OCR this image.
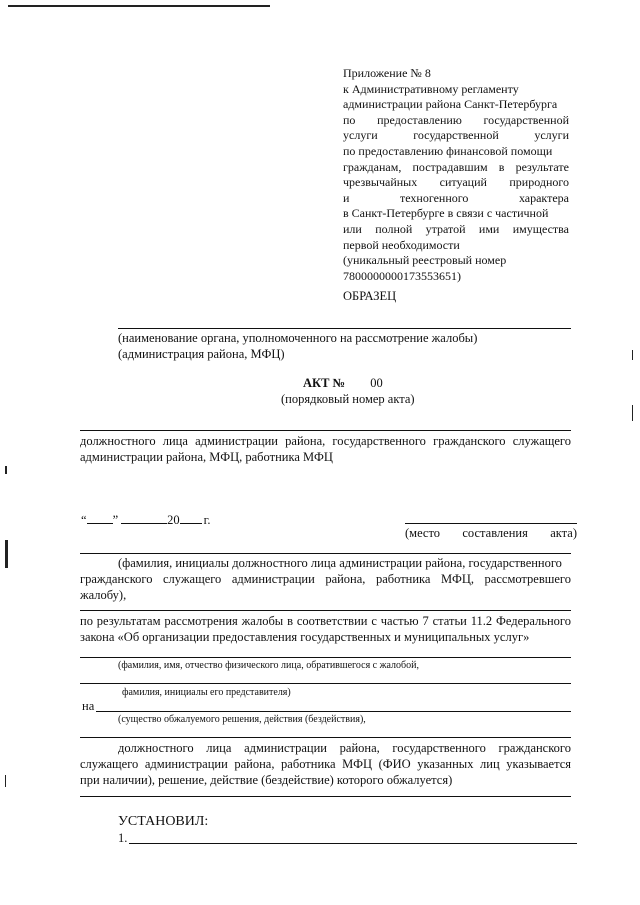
Приложение № 8
к Административному регламенту
администрации района Санкт-Петербурга
по предоставлению государственной
услуги	государственной	услуги
по предоставлению финансовой помощи
гражданам, пострадавшим в результате
чрезвычайных ситуаций природного
и	техногенного	характера
в Санкт-Петербурге в связи с частичной
или полной утратой ими имущества
первой необходимости
(уникальный реестровый номер
7800000000173553651)
ОБРАЗЕЦ
(наименование органа, уполномоченного на рассмотрение жалобы)
(администрация района, МФЦ)
АКТ № 00
(порядковый номер акта)
должностного лица администрации района, государственного гражданского служащего
администрации района, МФЦ, работника МФЦ
“ ”	20 г.
(место составления акта)
(фамилия, инициалы должностного лица администрации района, государственного
гражданского служащего администрации района, работника МФЦ, рассмотревшего
жалобу),
по результатам рассмотрения жалобы в соответствии с частью 7 статьи 11.2 Федерального
закона «Об организации предоставления государственных и муниципальных услуг»
(фамилия, имя, отчество физического лица, обратившегося с жалобой,
фамилия, инициалы его представителя)
на
(существо обжалуемого решения, действия (бездействия),
должностного лица администрации района, государственного гражданского
служащего администрации района, работника МФЦ (ФИО указанных лиц указывается
при наличии), решение, действие (бездействие) которого обжалуется)
УСТАНОВИЛ:
1.
